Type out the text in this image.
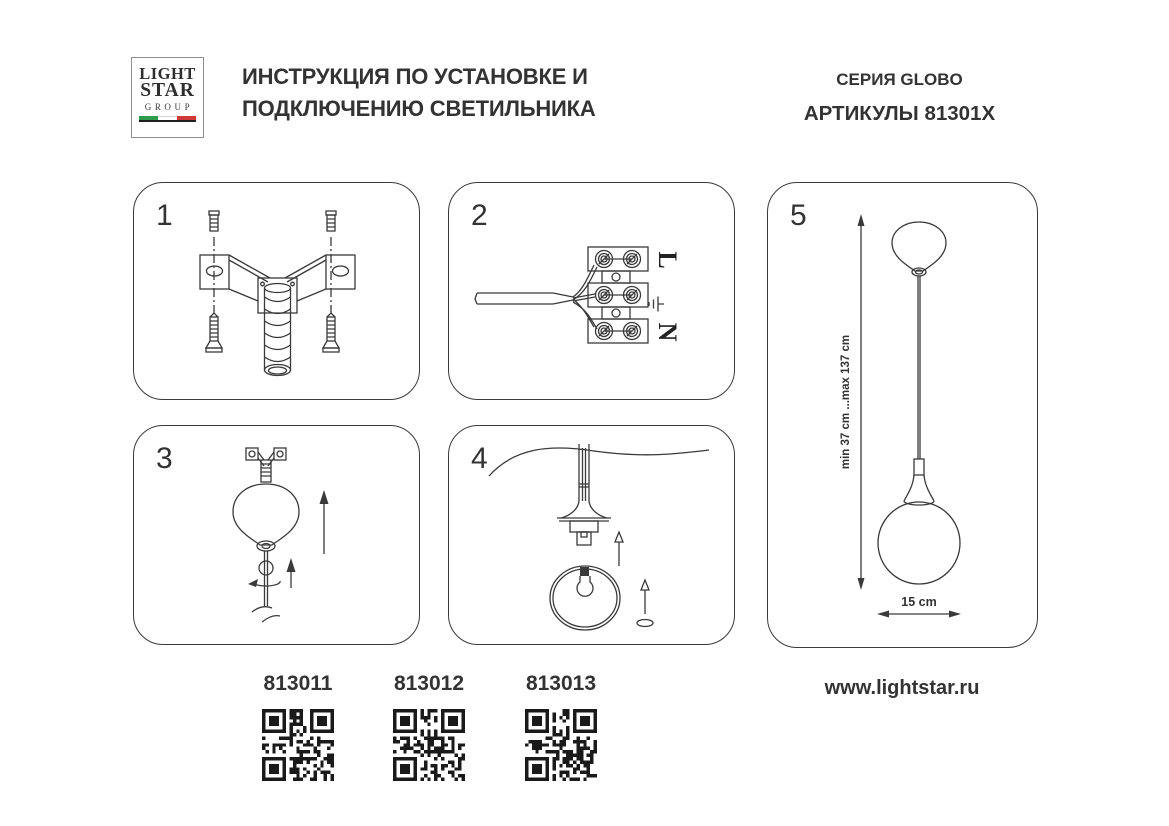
LIGHT
STAR
GROUP
ИНСТРУКЦИЯ ПО УСТАНОВКЕ И
ПОДКЛЮЧЕНИЮ СВЕТИЛЬНИКА
СЕРИЯ GLOBO
АРТИКУЛЫ 81301X
1	2
L
N
3	4
5
min 37 cm ...max 137 cm
15 cm
813011	813012	813013	www.lightstar.ru
